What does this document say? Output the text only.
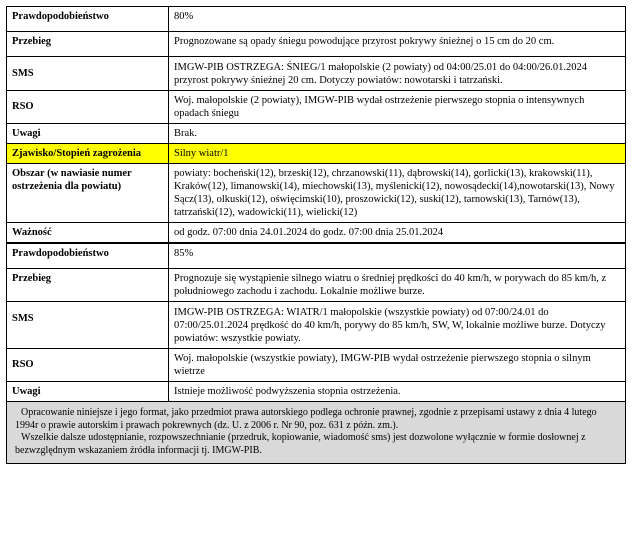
Prawdopodobieństwo	80%
Przebieg	Prognozowane są opady śniegu powodujące przyrost pokrywy śnieżnej o 15 cm do 20 cm.
SMS	IMGW-PIB OSTRZEGA: ŚNIEG/1 małopolskie (2 powiaty) od 04:00/25.01 do 04:00/26.01.2024 przyrost pokrywy śnieżnej 20 cm. Dotyczy powiatów: nowotarski i tatrzański.
RSO	Woj. małopolskie (2 powiaty), IMGW-PIB wydał ostrzeżenie pierwszego stopnia o intensywnych opadach śniegu
Uwagi	Brak.
Zjawisko/Stopień zagrożenia	Silny wiatr/1
Obszar (w nawiasie numer ostrzeżenia dla powiatu)	powiaty: bocheński(12), brzeski(12), chrzanowski(11), dąbrowski(14), gorlicki(13), krakowski(11), Kraków(12), limanowski(14), miechowski(13), myślenicki(12), nowosądecki(14),nowotarski(13), Nowy Sącz(13), olkuski(12), oświęcimski(10), proszowicki(12), suski(12), tarnowski(13), Tarnów(13), tatrzański(12), wadowicki(11), wielicki(12)
Ważność	od godz. 07:00 dnia 24.01.2024 do godz. 07:00 dnia 25.01.2024
Prawdopodobieństwo	85%
Przebieg	Prognozuje się wystąpienie silnego wiatru o średniej prędkości do 40 km/h, w porywach do 85 km/h, z południowego zachodu i zachodu. Lokalnie możliwe burze.
SMS	IMGW-PIB OSTRZEGA: WIATR/1 małopolskie (wszystkie powiaty) od 07:00/24.01 do 07:00/25.01.2024 prędkość do 40 km/h, porywy do 85 km/h, SW, W, lokalnie możliwe burze. Dotyczy powiatów: wszystkie powiaty.
RSO	Woj. małopolskie (wszystkie powiaty), IMGW-PIB wydał ostrzeżenie pierwszego stopnia o silnym wietrze
Uwagi	Istnieje możliwość podwyższenia stopnia ostrzeżenia.

Opracowanie niniejsze i jego format, jako przedmiot prawa autorskiego podlega ochronie prawnej, zgodnie z przepisami ustawy z dnia 4 lutego 1994r o prawie autorskim i prawach pokrewnych (dz. U. z 2006 r. Nr 90, poz. 631 z późn. zm.).

Wszelkie dalsze udostępnianie, rozpowszechnianie (przedruk, kopiowanie, wiadomość sms) jest dozwolone wyłącznie w formie dosłownej z bezwzględnym wskazaniem źródła informacji tj. IMGW-PIB.
